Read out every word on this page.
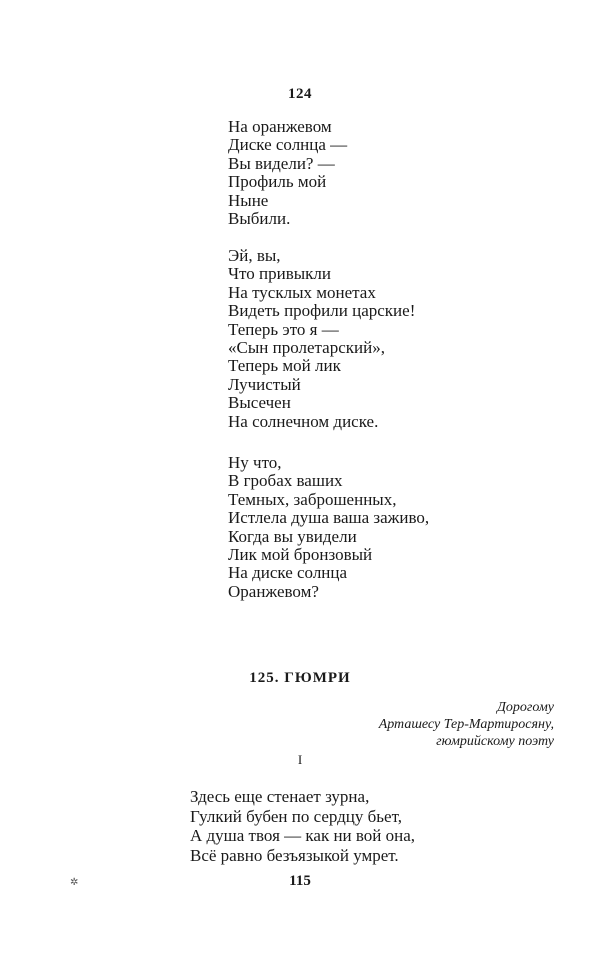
124
На оранжевом
Диске солнца —
Вы видели? —
Профиль мой
Ныне
Выбили.
Эй, вы,
Что привыкли
На тусклых монетах
Видеть профили царские!
Теперь это я —
«Сын пролетарский»,
Теперь мой лик
Лучистый
Высечен
На солнечном диске.
Ну что,
В гробах ваших
Темных, заброшенных,
Истлела душа ваша заживо,
Когда вы увидели
Лик мой бронзовый
На диске солнца
Оранжевом?
125. ГЮМРИ
Дорогому
Арташесу Тер-Мартиросяну,
гюмрийскому поэту
I
Здесь еще стенает зурна,
Гулкий бубен по сердцу бьет,
А душа твоя — как ни вой она,
Всё равно безъязыкой умрет.
✲	115
